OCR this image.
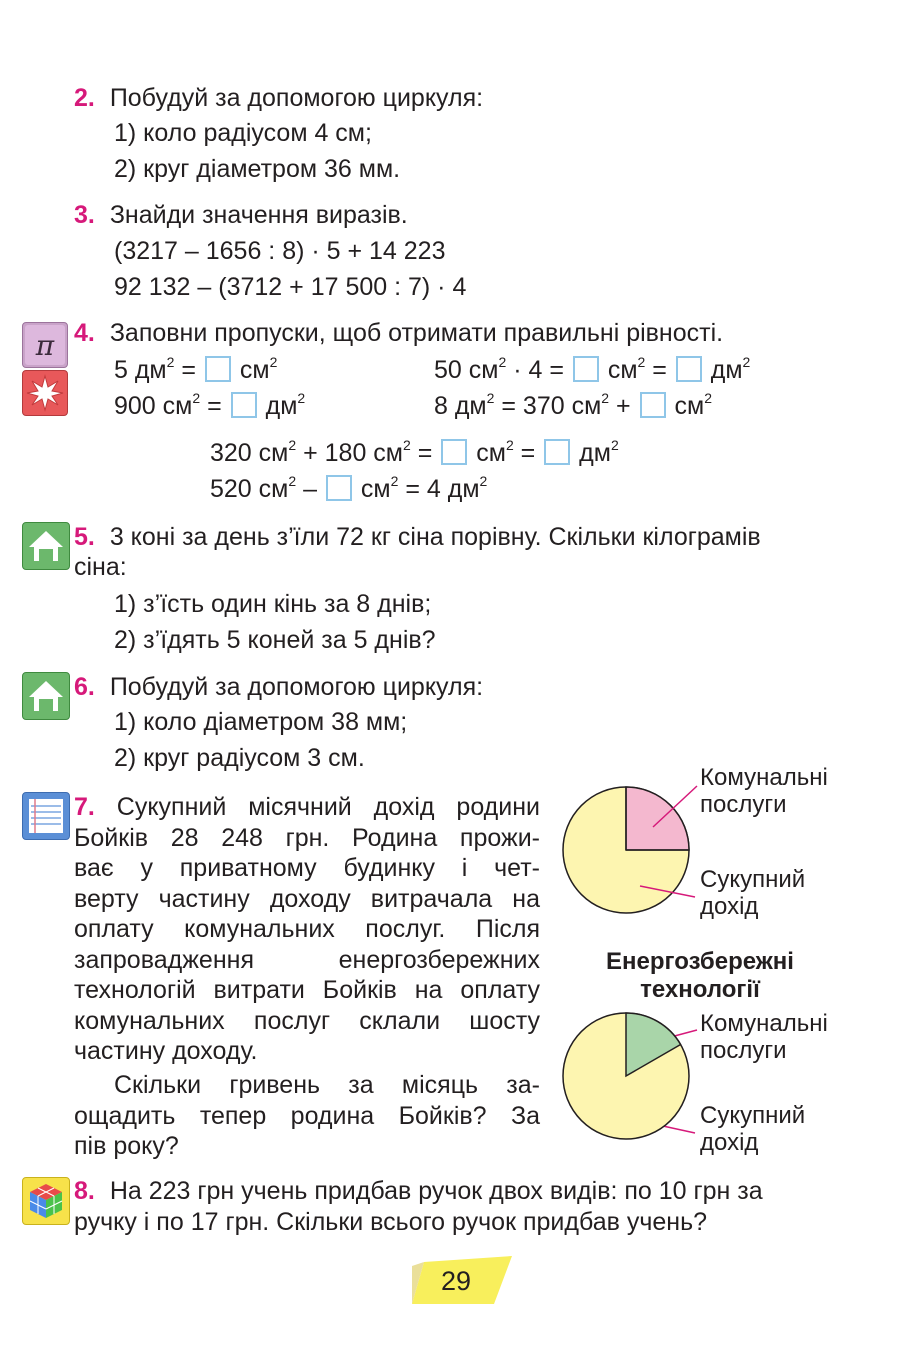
2. Побудуй за допомогою циркуля:
1) коло радіусом 4 см;
2) круг діаметром 36 мм.
3. Знайди значення виразів.
(3217 – 1656 : 8) · 5 + 14 223
92 132 – (3712 + 17 500 : 7) · 4
π 4. Заповни пропуски, щоб отримати правильні рівності.
5 $дм^2 = см^2$
900 $см^2 = дм^2$
50 $см^2 \cdot 4 = см^2 = дм^2$
8 $дм^2 = 370$ $см^2 + см^2$
320 $см^2 + 180$ $см^2 = см^2 = дм^2$
520 $см^2 - см^2 = 4$ $дм^2$
5. 3 коні за день з’їли 72 кг сіна порівну. Скільки кілограмів
сіна:
1) з’їсть один кінь за 8 днів;
2) з’їдять 5 коней за 5 днів?
6. Побудуй за допомогою циркуля:
1) коло діаметром 38 мм;
2) круг радіусом 3 см.
7. Сукупний місячний дохід родини
Бойків 28 248 грн. Родина прожи-
ває у приватному будинку і чет-
верту частину доходу витрачала на
оплату комунальних послуг. Після
запровадження енергозбережних
технологій витрати Бойків на оплату
комунальних послуг склали шосту
частину доходу.
Скільки гривень за місяць за-
ощадить тепер родина Бойків? За
пів року?
Комунальні
послуги
Сукупний
дохід
Енергозбережні
технології
Комунальні
послуги
Сукупний
дохід
8. На 223 грн учень придбав ручок двох видів: по 10 грн за
ручку і по 17 грн. Скільки всього ручок придбав учень?
29
